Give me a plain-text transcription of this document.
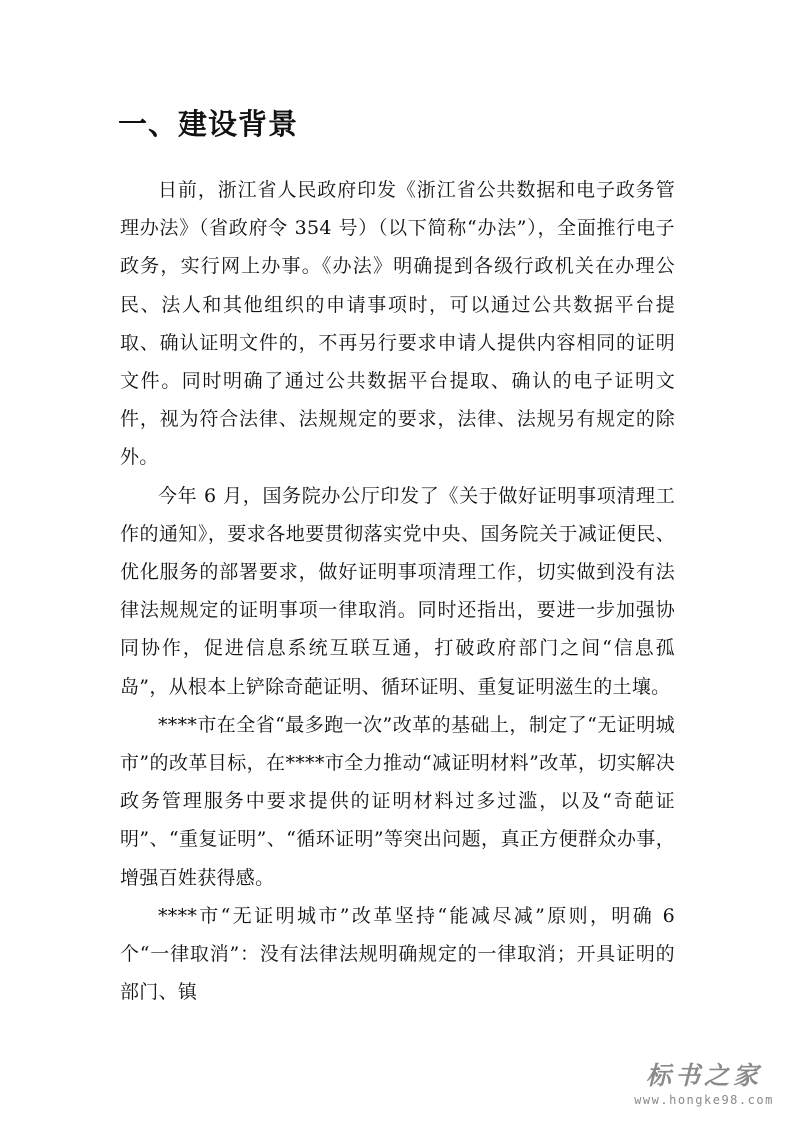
一、建设背景

日前，浙江省人民政府印发《浙江省公共数据和电子政务管理办法》（省政府令 354 号）（以下简称“办法”），全面推行电子政务，实行网上办事。《办法》明确提到各级行政机关在办理公民、法人和其他组织的申请事项时，可以通过公共数据平台提取、确认证明文件的，不再另行要求申请人提供内容相同的证明文件。同时明确了通过公共数据平台提取、确认的电子证明文件，视为符合法律、法规规定的要求，法律、法规另有规定的除外。

今年 6 月，国务院办公厅印发了《关于做好证明事项清理工作的通知》，要求各地要贯彻落实党中央、国务院关于减证便民、优化服务的部署要求，做好证明事项清理工作，切实做到没有法律法规规定的证明事项一律取消。同时还指出，要进一步加强协同协作，促进信息系统互联互通，打破政府部门之间“信息孤岛”，从根本上铲除奇葩证明、循环证明、重复证明滋生的土壤。

****市在全省“最多跑一次”改革的基础上，制定了“无证明城市”的改革目标，在****市全力推动“减证明材料”改革，切实解决政务管理服务中要求提供的证明材料过多过滥，以及“奇葩证明”、“重复证明”、“循环证明”等突出问题，真正方便群众办事，增强百姓获得感。

****市“无证明城市”改革坚持“能减尽减”原则，明确 6 个“一律取消”：没有法律法规明确规定的一律取消；开具证明的部门、镇

标书之家
www.hongke98.com
